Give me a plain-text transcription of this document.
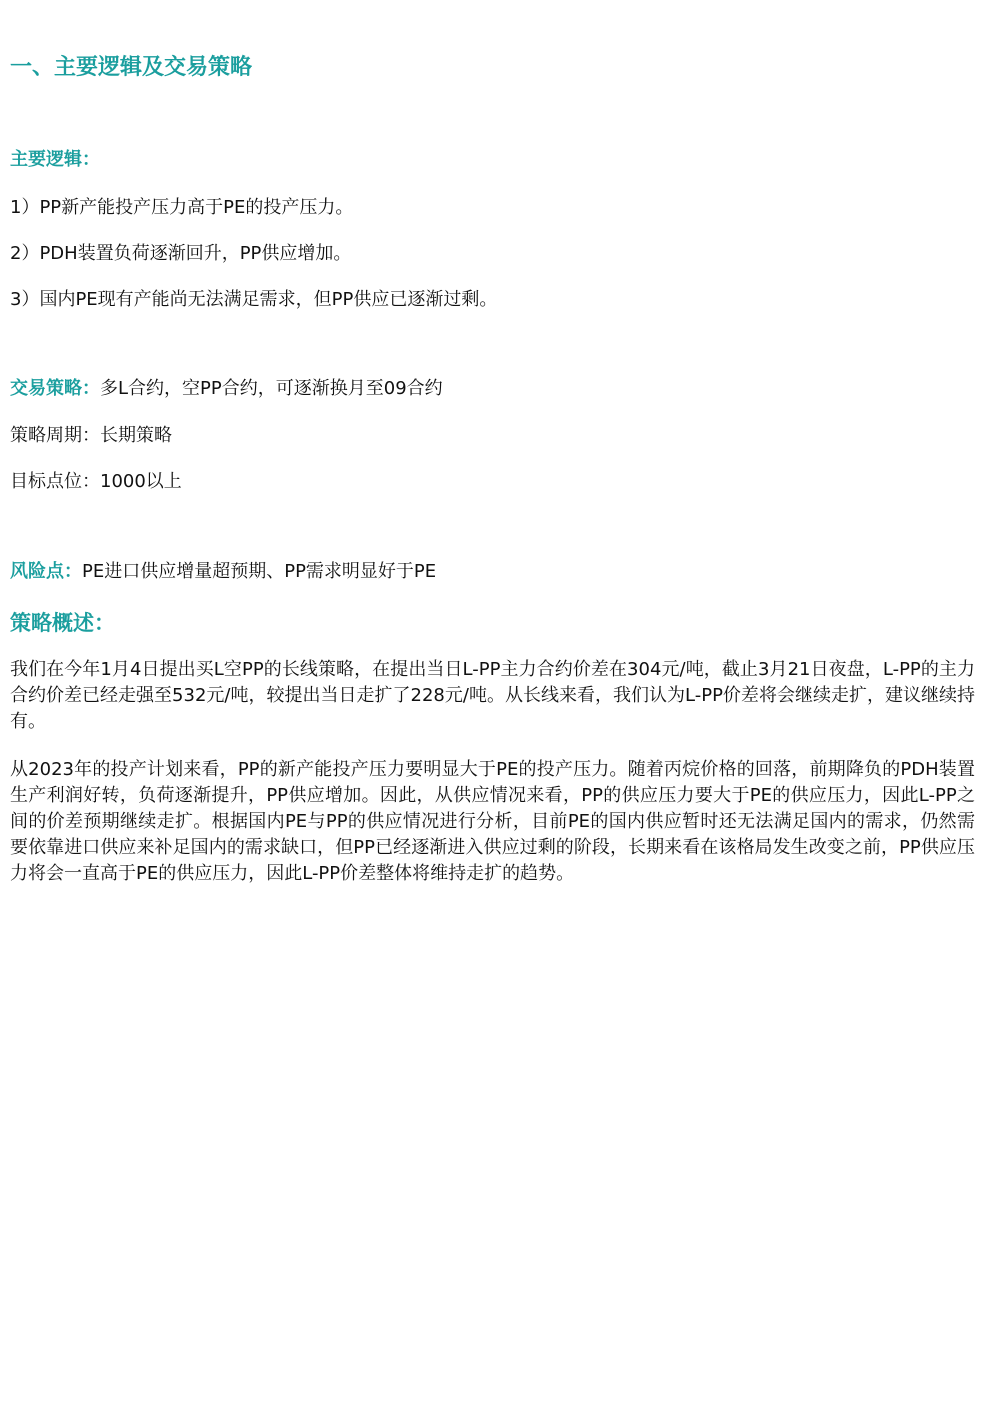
一、主要逻辑及交易策略
主要逻辑：
1）PP新产能投产压力高于PE的投产压力。
2）PDH装置负荷逐渐回升，PP供应增加。
3）国内PE现有产能尚无法满足需求，但PP供应已逐渐过剩。
交易策略：多L合约，空PP合约，可逐渐换月至09合约
策略周期：长期策略
目标点位：1000以上
风险点：PE进口供应增量超预期、PP需求明显好于PE
策略概述：
我们在今年1月4日提出买L空PP的长线策略，在提出当日L-PP主力合约价差在304元/吨，截止3月21日夜盘，L-PP的主力合约价差已经走强至532元/吨，较提出当日走扩了228元/吨。从长线来看，我们认为L-PP价差将会继续走扩，建议继续持有。
从2023年的投产计划来看，PP的新产能投产压力要明显大于PE的投产压力。随着丙烷价格的回落，前期降负的PDH装置生产利润好转，负荷逐渐提升，PP供应增加。因此，从供应情况来看，PP的供应压力要大于PE的供应压力，因此L-PP之间的价差预期继续走扩。根据国内PE与PP的供应情况进行分析，目前PE的国内供应暂时还无法满足国内的需求，仍然需要依靠进口供应来补足国内的需求缺口，但PP已经逐渐进入供应过剩的阶段，长期来看在该格局发生改变之前，PP供应压力将会一直高于PE的供应压力，因此L-PP价差整体将维持走扩的趋势。
